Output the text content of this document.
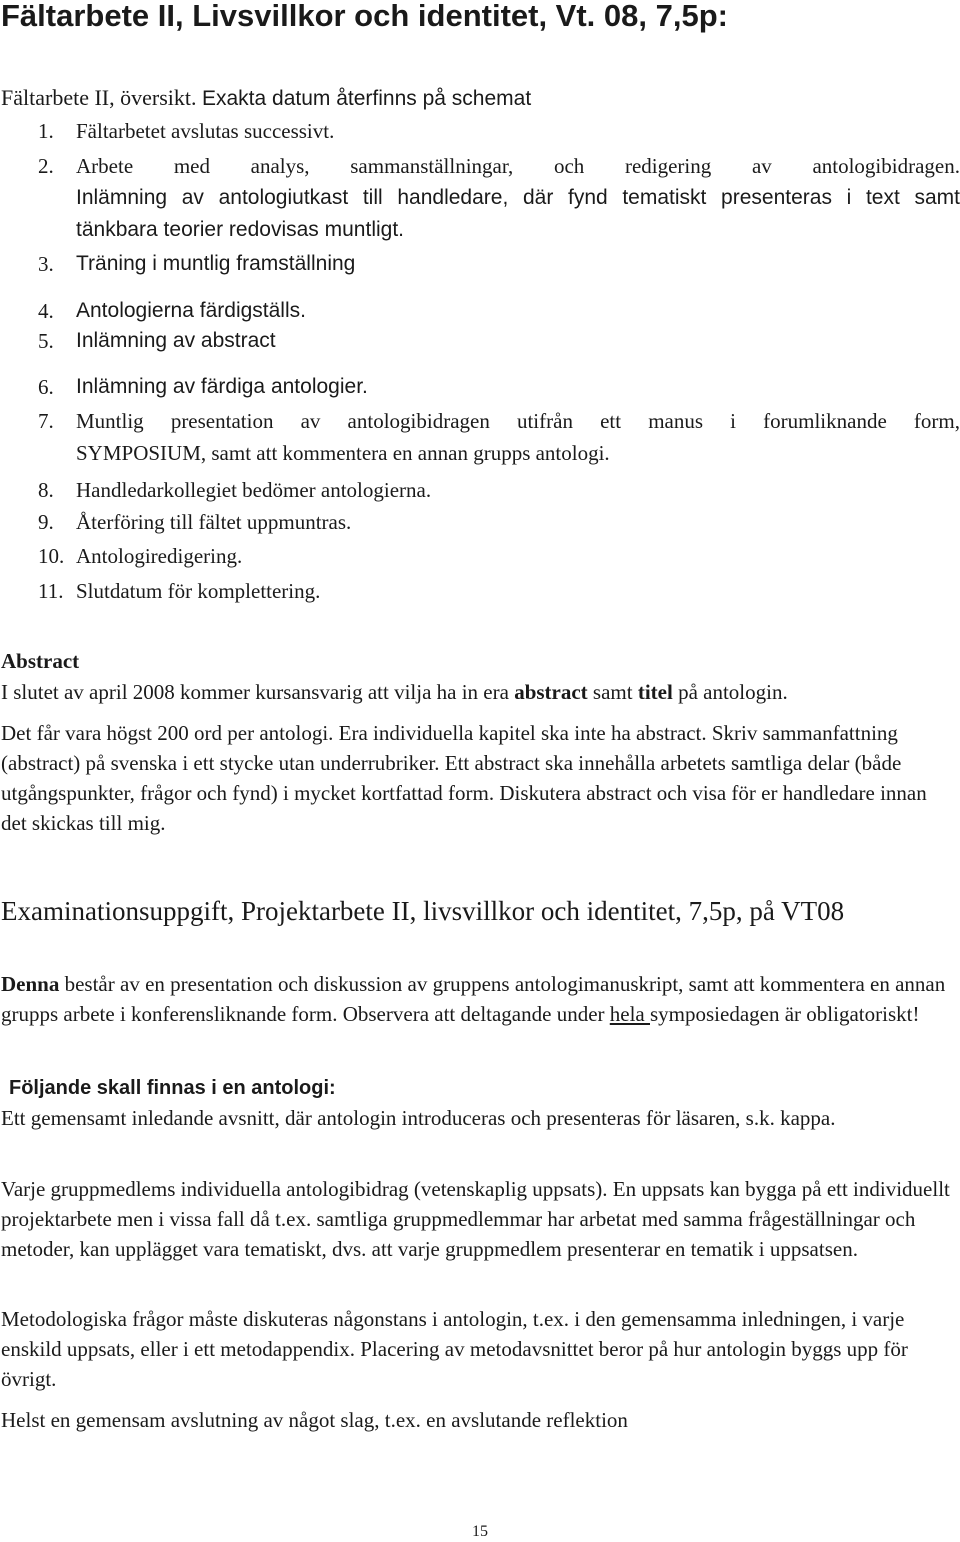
Fältarbete II, Livsvillkor och identitet, Vt. 08, 7,5p:
Fältarbete II, översikt. Exakta datum återfinns på schemat
1. Fältarbetet avslutas successivt.
2. Arbete med analys, sammanställningar, och redigering av antologibidragen.
Inlämning av antologiutkast till handledare, där fynd tematiskt presenteras i text samt
tänkbara teorier redovisas muntligt.
3. Träning i muntlig framställning
4. Antologierna färdigställs.
5. Inlämning av abstract
6. Inlämning av färdiga antologier.
7. Muntlig presentation av antologibidragen utifrån ett manus i forumliknande form,
SYMPOSIUM, samt att kommentera en annan grupps antologi.
8. Handledarkollegiet bedömer antologierna.
9. Återföring till fältet uppmuntras.
10. Antologiredigering.
11. Slutdatum för komplettering.
Abstract

I slutet av april 2008 kommer kursansvarig att vilja ha in era abstract samt titel på antologin.

Det får vara högst 200 ord per antologi. Era individuella kapitel ska inte ha abstract. Skriv sammanfattning (abstract) på svenska i ett stycke utan underrubriker. Ett abstract ska innehålla arbetets samtliga delar (både utgångspunkter, frågor och fynd) i mycket kortfattad form. Diskutera abstract och visa för er handledare innan det skickas till mig.

Examinationsuppgift, Projektarbete II, livsvillkor och identitet, 7,5p, på VT08

Denna består av en presentation och diskussion av gruppens antologimanuskript, samt att kommentera en annan grupps arbete i konferensliknande form. Observera att deltagande under hela symposiedagen är obligatoriskt!

Följande skall finnas i en antologi:

Ett gemensamt inledande avsnitt, där antologin introduceras och presenteras för läsaren, s.k. kappa.

Varje gruppmedlems individuella antologibidrag (vetenskaplig uppsats). En uppsats kan bygga på ett individuellt projektarbete men i vissa fall då t.ex. samtliga gruppmedlemmar har arbetat med samma frågeställningar och metoder, kan upplägget vara tematiskt, dvs. att varje gruppmedlem presenterar en tematik i uppsatsen.

Metodologiska frågor måste diskuteras någonstans i antologin, t.ex. i den gemensamma inledningen, i varje enskild uppsats, eller i ett metodappendix. Placering av metodavsnittet beror på hur antologin byggs upp för övrigt.

Helst en gemensam avslutning av något slag, t.ex. en avslutande reflektion

15
